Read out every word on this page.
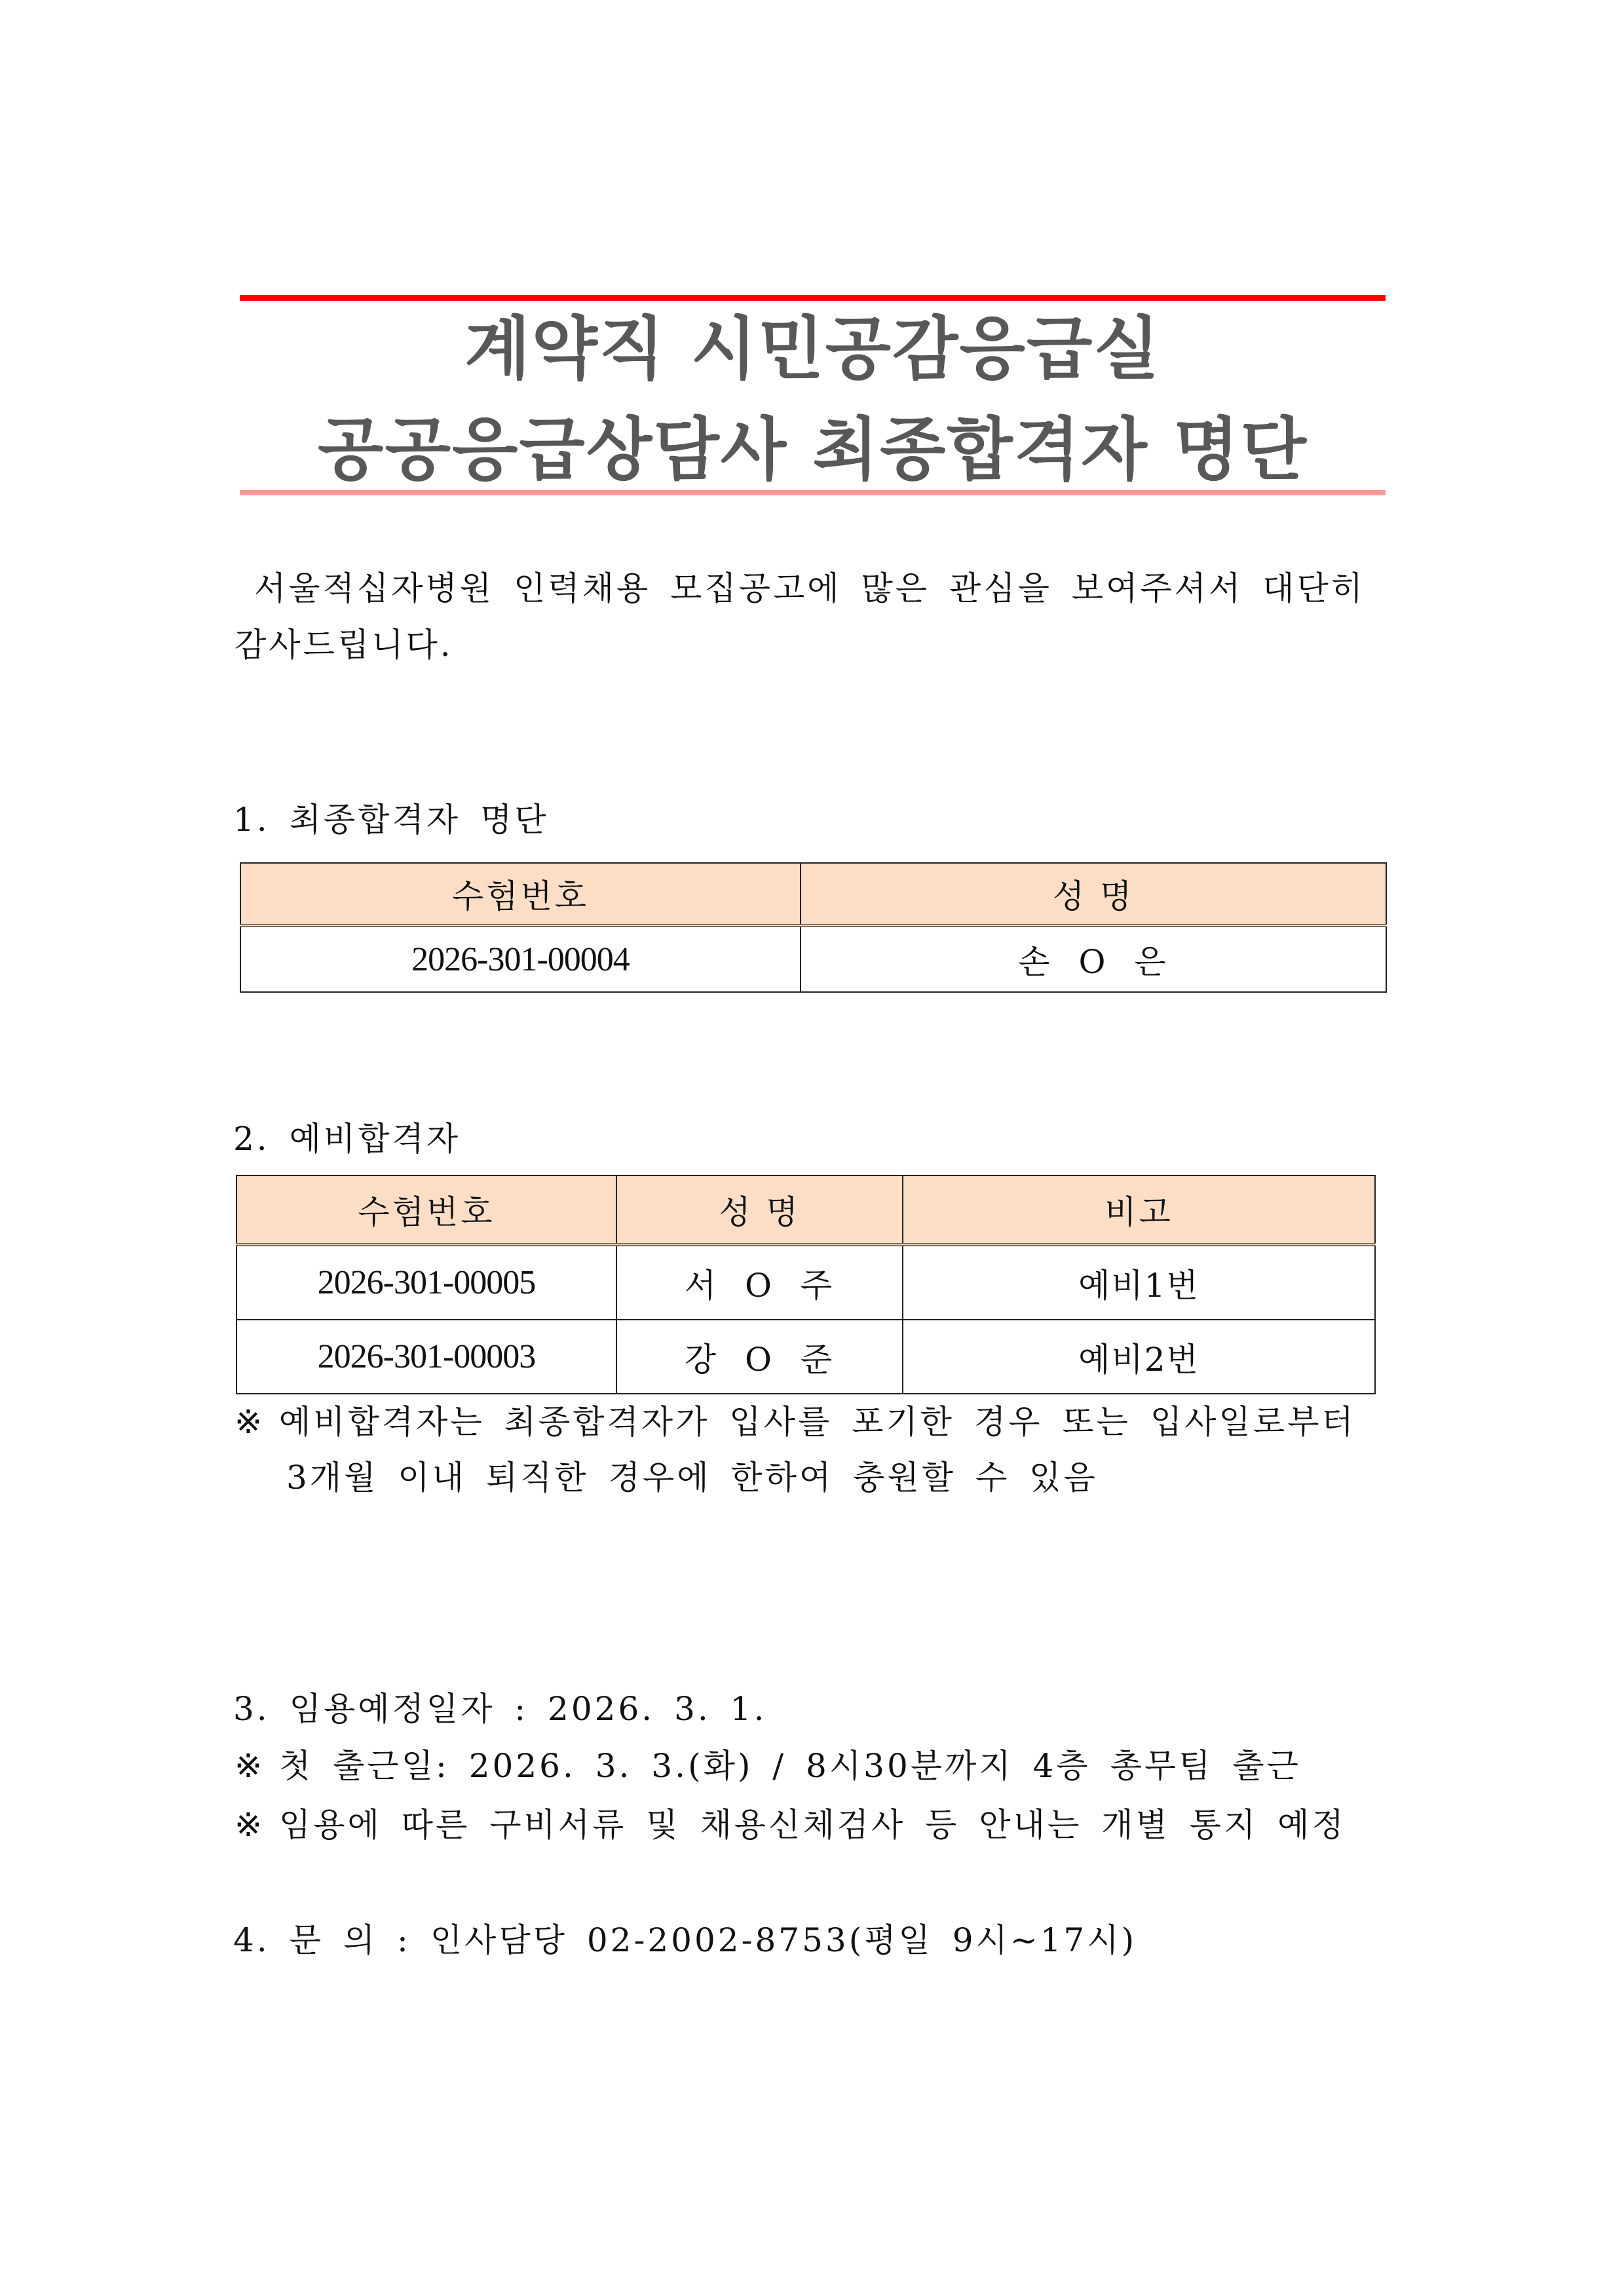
계약직 시민공감응급실
공공응급상담사 최종합격자 명단
서울적십자병원 인력채용 모집공고에 많은 관심을 보여주셔서 대단히
감사드립니다.
1. 최종합격자 명단
수험번호	성 명
2026-301-00004	손 O 은
2. 예비합격자
수험번호	성 명	비고
2026-301-00005	서 O 주	예비1번
2026-301-00003	강 O 준	예비2번
※ 예비합격자는 최종합격자가 입사를 포기한 경우 또는 입사일로부터
3개월 이내 퇴직한 경우에 한하여 충원할 수 있음
3. 임용예정일자 : 2026. 3. 1.
※ 첫 출근일: 2026. 3. 3.(화) / 8시30분까지 4층 총무팀 출근
※ 임용에 따른 구비서류 및 채용신체검사 등 안내는 개별 통지 예정
4. 문 의 : 인사담당 02-2002-8753(평일 9시~17시)
